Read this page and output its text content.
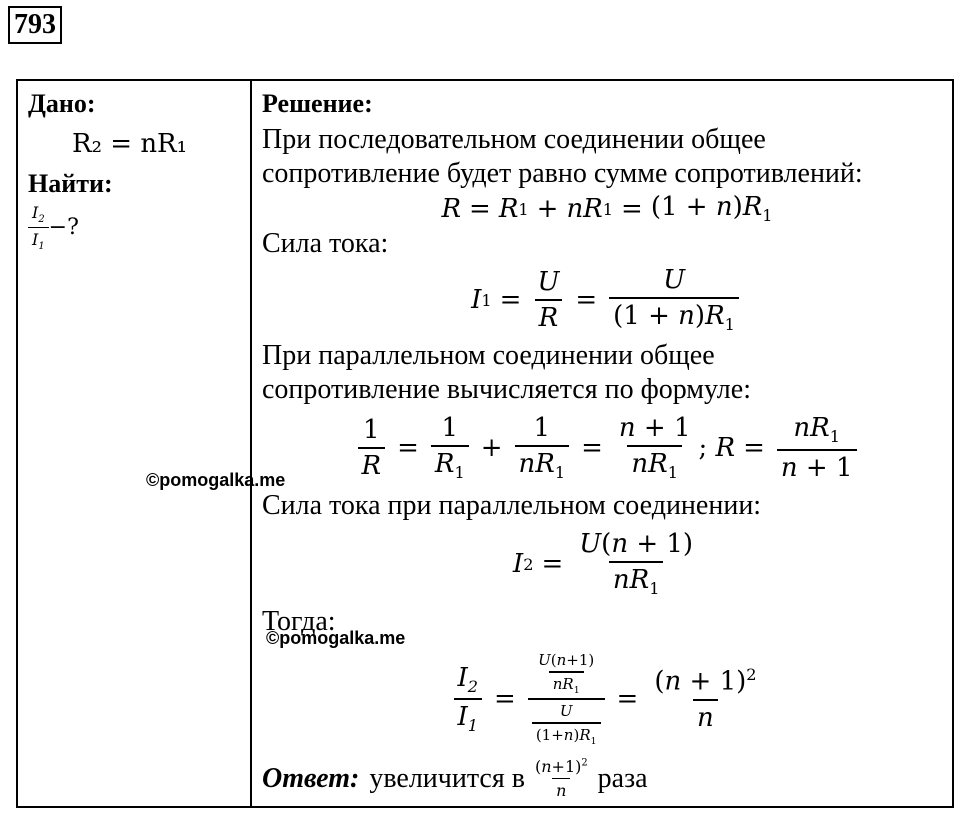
793
Дано:
R₂ = nR₁
Найти:
$\frac{I_2}{I_1}$ −?
Решение:
При последовательном соединении общее
сопротивление будет равно сумме сопротивлений:
R = R 1 + nR $1 = (1 + n)R_1$
Сила тока:
I $1 = \frac{U}{R} = \frac{U}{(1 + n)R_1}$
При параллельном соединении общее
сопротивление вычисляется по формуле:
$\frac{1}{R} = \frac{1}{R_1} + \frac{1}{nR_1} = \frac{n + 1}{nR_1}$ ; $R = \frac{nR_1}{n + 1}$
Сила тока при параллельном соединении:
I $2 = \frac{U(n + 1)}{nR_1}$
Тогда:
$\frac{I_2}{I_1} = \frac{\frac{U(n+1)}{nR_1}}{\frac{U}{(1+n)R_1}} = \frac{(n + 1)^2}{n}$
Ответ: увеличится в $\frac{(n+1)^2}{n}$ раза
©pomogalka.me
©pomogalka.me
